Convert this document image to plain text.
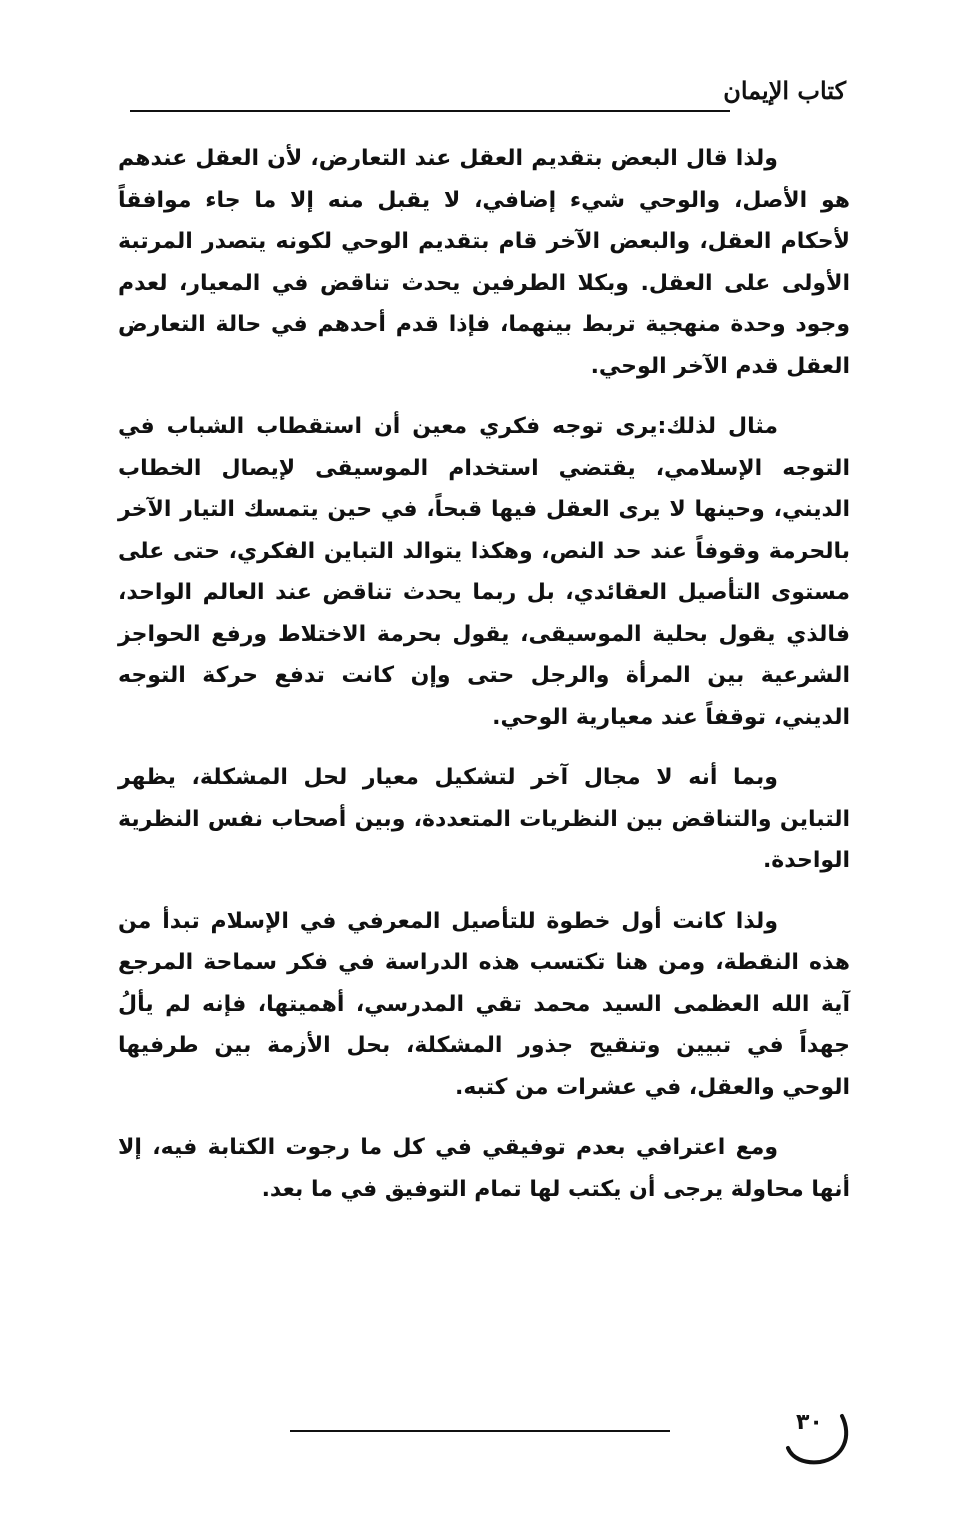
كتاب الإيمان

ولذا قال البعض بتقديم العقل عند التعارض، لأن العقل عندهم هو الأصل، والوحي شيء إضافي، لا يقبل منه إلا ما جاء موافقاً لأحكام العقل، والبعض الآخر قام بتقديم الوحي لكونه يتصدر المرتبة الأولى على العقل. وبكلا الطرفين يحدث تناقض في المعيار، لعدم وجود وحدة منهجية تربط بينهما، فإذا قدم أحدهم في حالة التعارض العقل قدم الآخر الوحي.

مثال لذلك:يرى توجه فكري معين أن استقطاب الشباب في التوجه الإسلامي، يقتضي استخدام الموسيقى لإيصال الخطاب الديني، وحينها لا يرى العقل فيها قبحاً، في حين يتمسك التيار الآخر بالحرمة وقوفاً عند حد النص، وهكذا يتوالد التباين الفكري، حتى على مستوى التأصيل العقائدي، بل ربما يحدث تناقض عند العالم الواحد، فالذي يقول بحلية الموسيقى، يقول بحرمة الاختلاط ورفع الحواجز الشرعية بين المرأة والرجل حتى وإن كانت تدفع حركة التوجه الديني، توقفاً عند معيارية الوحي.

وبما أنه لا مجال آخر لتشكيل معيار لحل المشكلة، يظهر التباين والتناقض بين النظريات المتعددة، وبين أصحاب نفس النظرية الواحدة.

ولذا كانت أول خطوة للتأصيل المعرفي في الإسلام تبدأ من هذه النقطة، ومن هنا تكتسب هذه الدراسة في فكر سماحة المرجع آية الله العظمى السيد محمد تقي المدرسي، أهميتها، فإنه لم يألُ جهداً في تبيين وتنقيح جذور المشكلة، بحل الأزمة بين طرفيها الوحي والعقل، في عشرات من كتبه.

ومع اعترافي بعدم توفيقي في كل ما رجوت الكتابة فيه، إلا أنها محاولة يرجى أن يكتب لها تمام التوفيق في ما بعد.

٣٠
